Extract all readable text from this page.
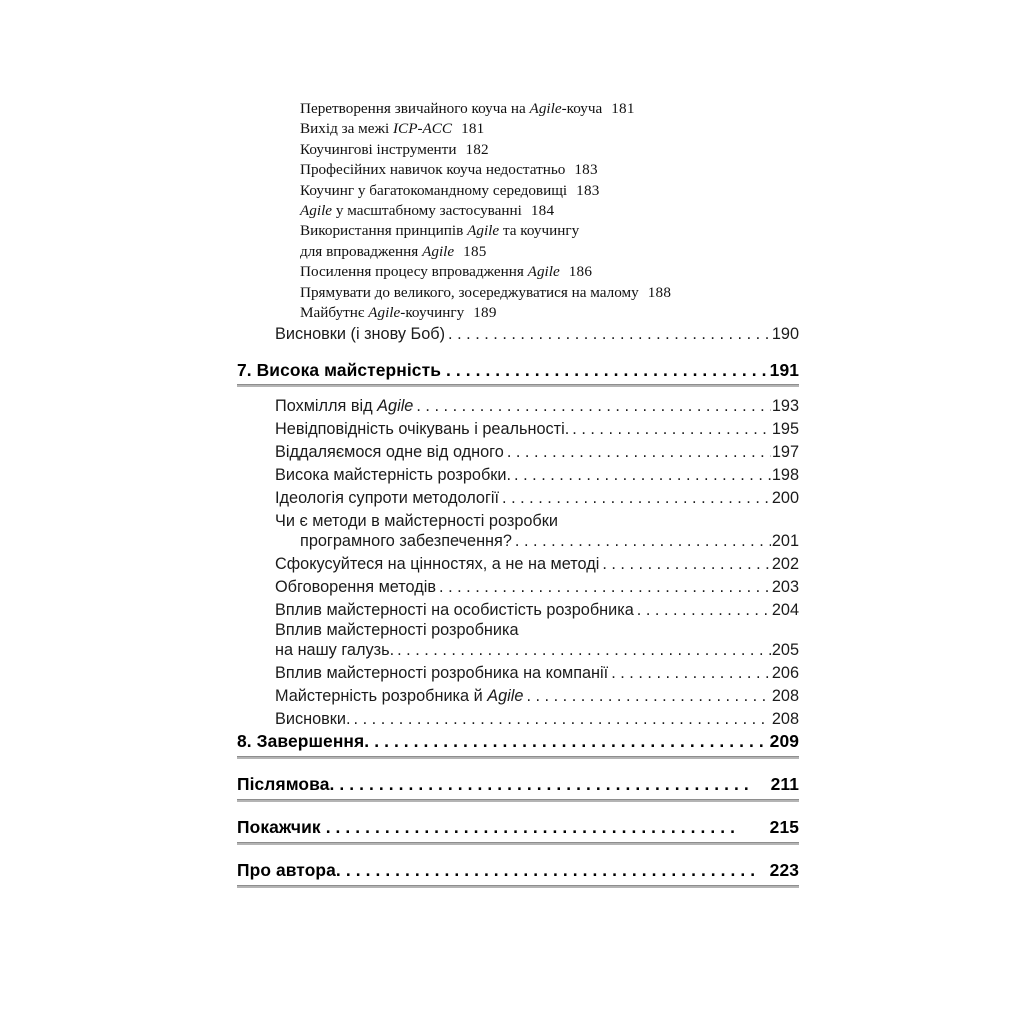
Перетворення звичайного коуча на Agile-коуча 181
Вихід за межі ICP-ACC 181
Коучингові інструменти 182
Професійних навичок коуча недостатньо 183
Коучинг у багатокомандному середовищі 183
Agile у масштабному застосуванні 184
Використання принципів Agile та коучингу
для впровадження Agile 185
Посилення процесу впровадження Agile 186
Прямувати до великого, зосереджуватися на малому 188
Майбутнє Agile-коучингу 189
Висновки (і знову Боб) . . .	190
7. Висока майстерність . . .	191
Похмілля від Agile . . .	193
Невідповідність очікувань і реальності. . . .	195
Віддаляємося одне від одного . . .	197
Висока майстерність розробки. . . .	198
Ідеологія супроти методології . . .	200
Чи є методи в майстерності розробки
програмного забезпечення? . . .	201
Сфокусуйтеся на цінностях, а не на методі . . .	202
Обговорення методів . . .	203
Вплив майстерності на особистість розробника . . .	204
Вплив майстерності розробника
на нашу галузь. . . .	205
Вплив майстерності розробника на компанії . . .	206
Майстерність розробника й Agile . . .	208
Висновки. . . .	208
8. Завершення. . . .	209
Післямова. . . .	211
Покажчик . . .	215
Про автора. . . .	223
